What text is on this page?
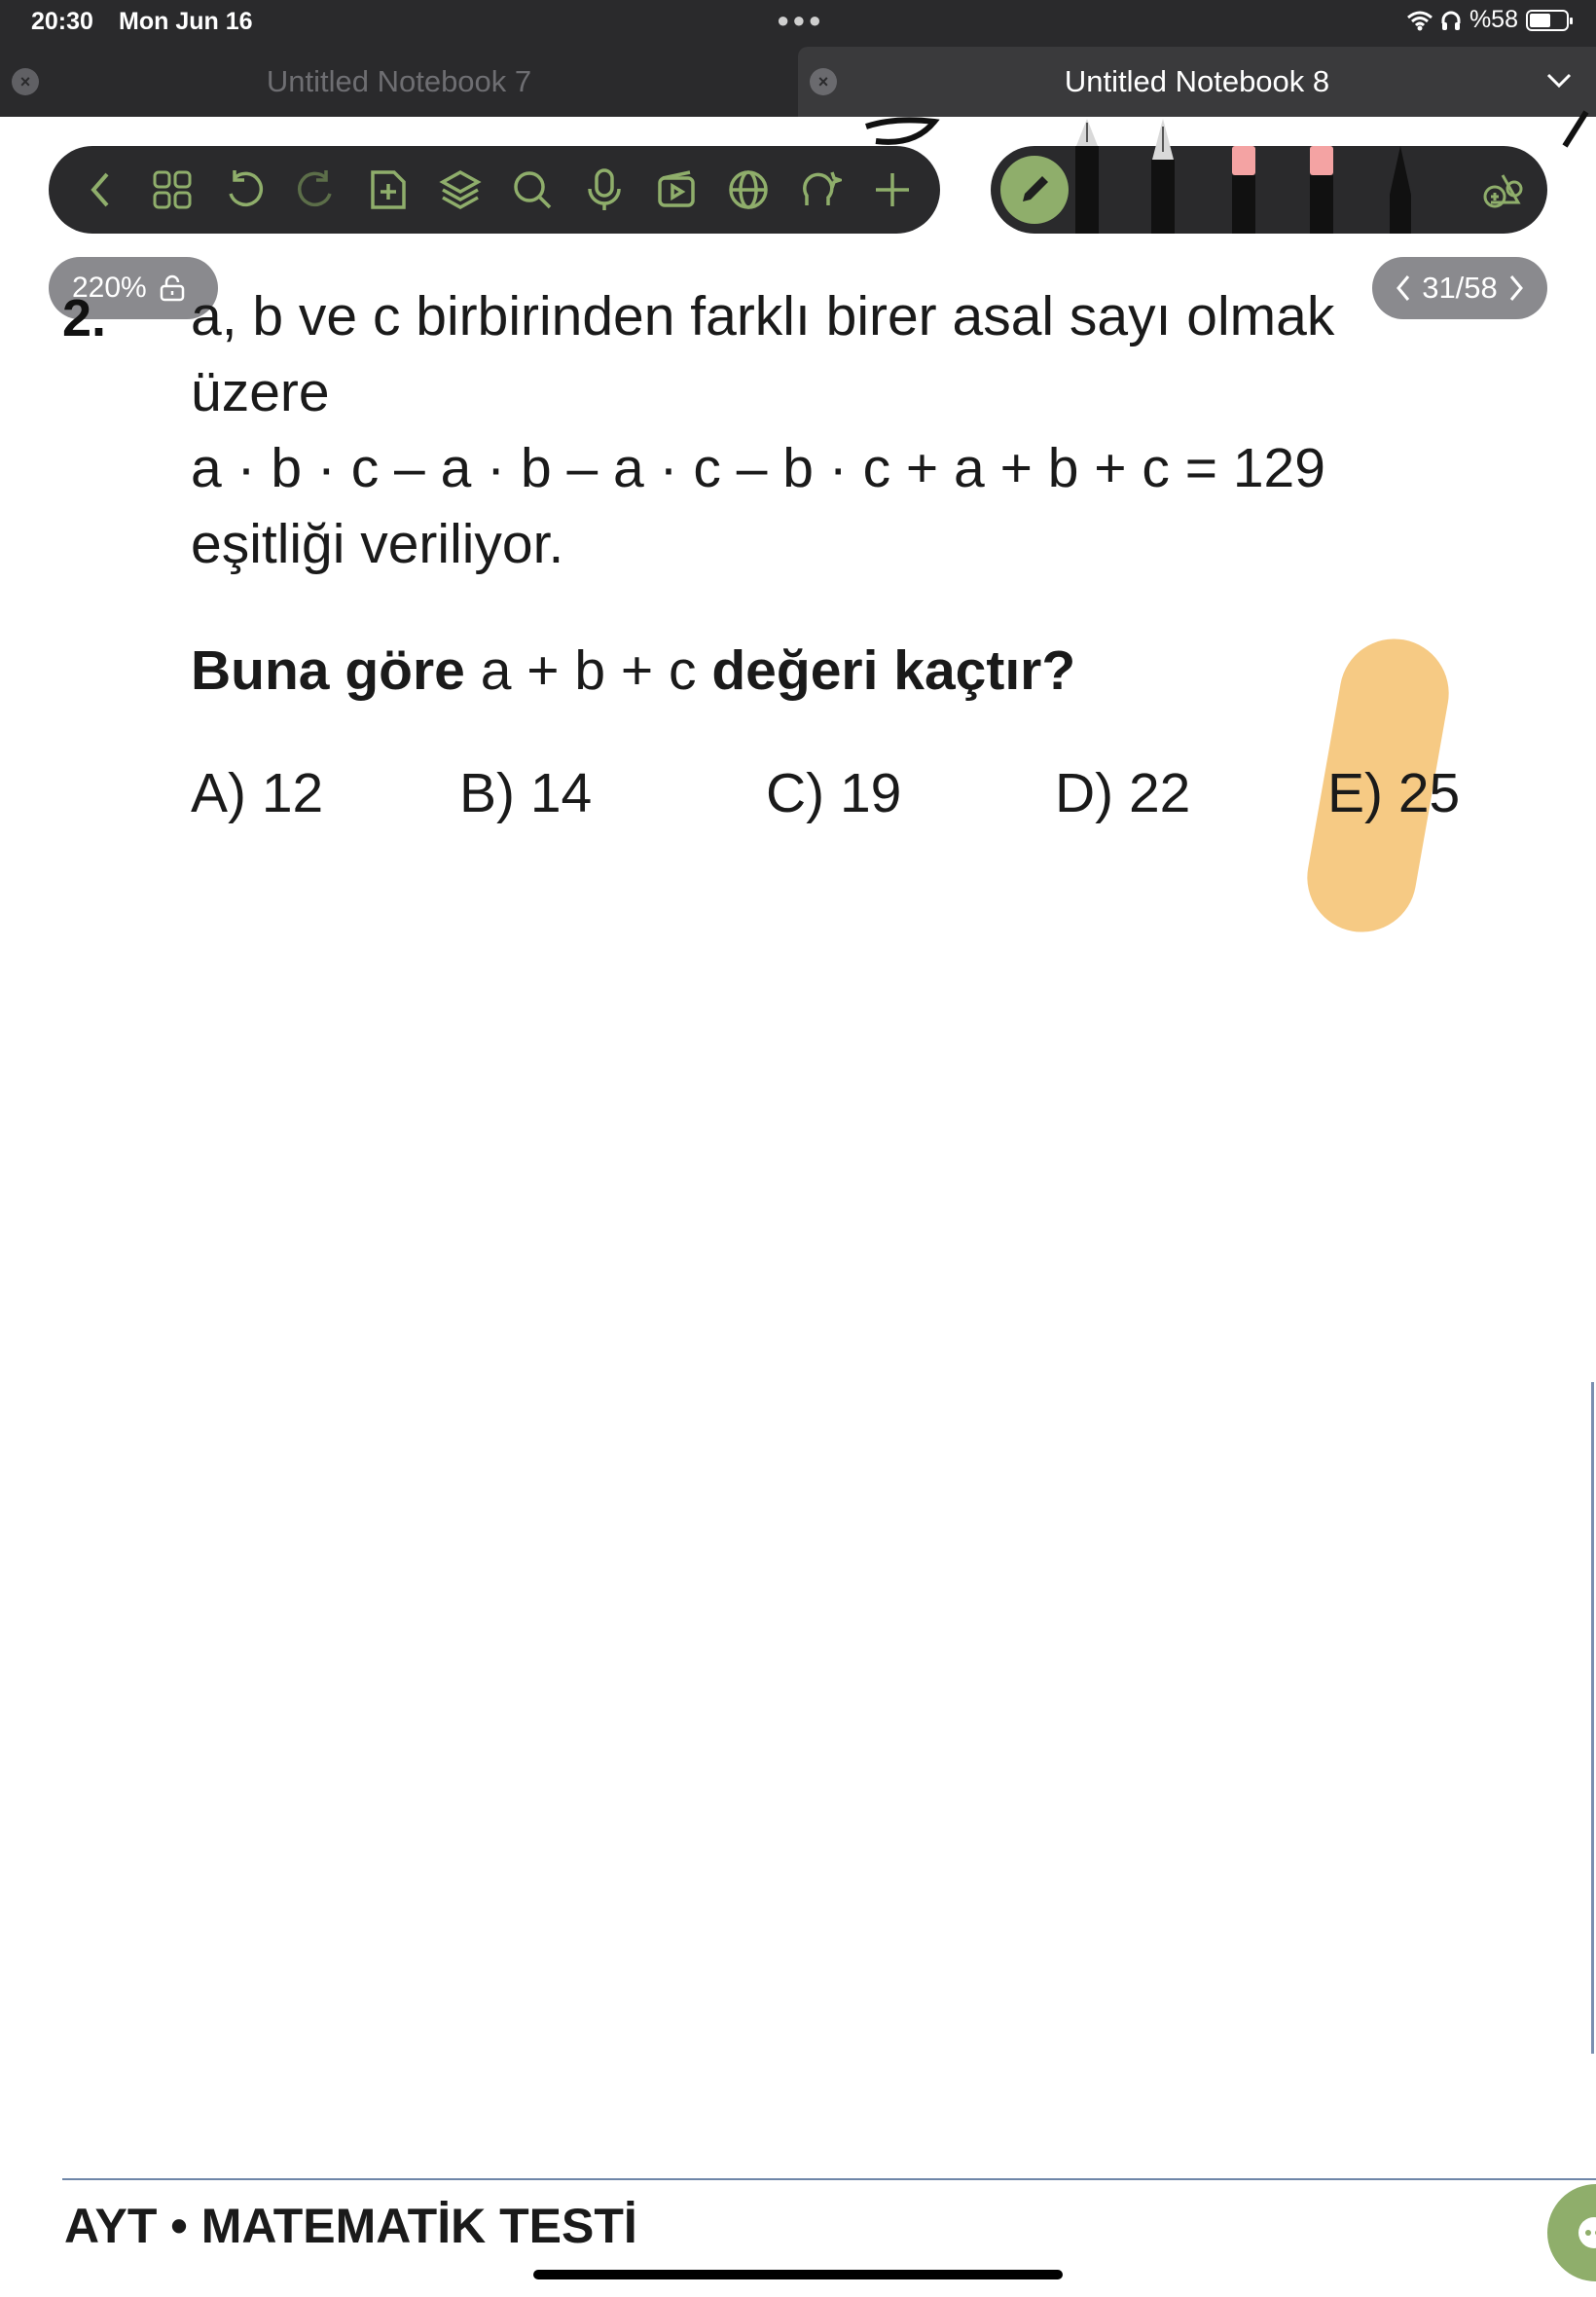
20:30 Mon Jun 16	●●●	%58
×	Untitled Notebook 7	×	Untitled Notebook 8
220%	31/58
2. a, b ve c birbirinden farklı birer asal sayı olmak
üzere
a · b · c – a · b – a · c – b · c + a + b + c = 129
eşitliği veriliyor.
Buna göre a + b + c değeri kaçtır?
A) 12 B) 14	C) 19	D) 22 E) 25
AYT • MATEMATİK TESTİ
